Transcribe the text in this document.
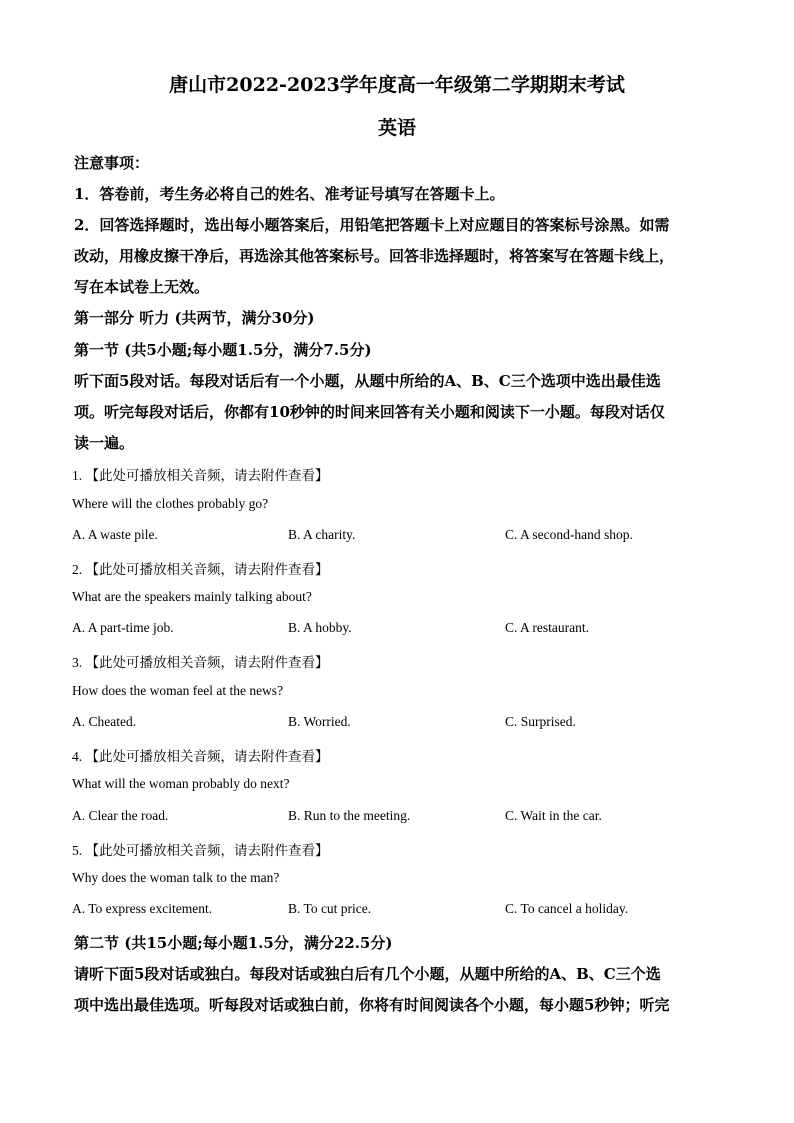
唐山市2022-2023学年度高一年级第二学期期末考试
英语
注意事项：
1．答卷前，考生务必将自己的姓名、准考证号填写在答题卡上。
2．回答选择题时，选出每小题答案后，用铅笔把答题卡上对应题目的答案标号涂黑。如需
改动，用橡皮擦干净后，再选涂其他答案标号。回答非选择题时，将答案写在答题卡线上，
写在本试卷上无效。
第一部分 听力 (共两节，满分30分)
第一节 (共5小题;每小题1.5分，满分7.5分)
听下面5段对话。每段对话后有一个小题，从题中所给的A、B、C三个选项中选出最佳选
项。听完每段对话后，你都有10秒钟的时间来回答有关小题和阅读下一小题。每段对话仅
读一遍。
1. 【此处可播放相关音频，请去附件查看】
Where will the clothes probably go?
A. A waste pile.	B. A charity.	C. A second-hand shop.
2. 【此处可播放相关音频，请去附件查看】
What are the speakers mainly talking about?
A. A part-time job.	B. A hobby.	C. A restaurant.
3. 【此处可播放相关音频，请去附件查看】
How does the woman feel at the news?
A. Cheated.	B. Worried.	C. Surprised.
4. 【此处可播放相关音频，请去附件查看】
What will the woman probably do next?
A. Clear the road.	B. Run to the meeting.	C. Wait in the car.
5. 【此处可播放相关音频，请去附件查看】
Why does the woman talk to the man?
A. To express excitement.	B. To cut price.	C. To cancel a holiday.
第二节 (共15小题;每小题1.5分，满分22.5分)
请听下面5段对话或独白。每段对话或独白后有几个小题，从题中所给的A、B、C三个选
项中选出最佳选项。听每段对话或独白前，你将有时间阅读各个小题，每小题5秒钟；听完
